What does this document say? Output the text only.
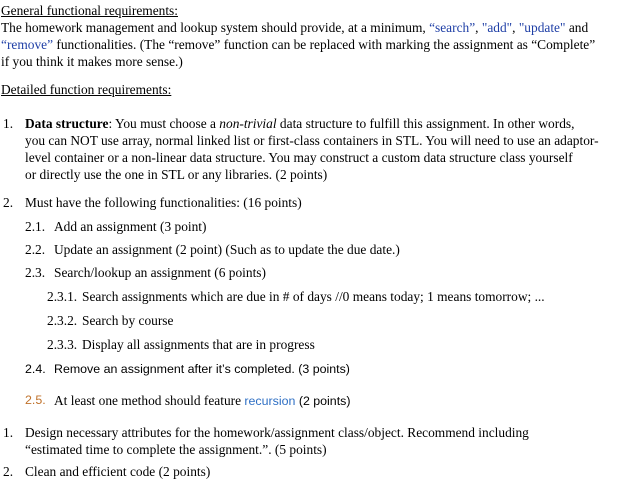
General functional requirements:
The homework management and lookup system should provide, at a minimum, “search”, "add", "update" and
“remove” functionalities. (The “remove” function can be replaced with marking the assignment as “Complete”
if you think it makes more sense.)
Detailed function requirements:
1. Data structure: You must choose a non-trivial data structure to fulfill this assignment. In other words,
you can NOT use array, normal linked list or first-class containers in STL. You will need to use an adaptor-
level container or a non-linear data structure. You may construct a custom data structure class yourself
or directly use the one in STL or any libraries. (2 points)
2. Must have the following functionalities: (16 points)
2.1. Add an assignment (3 point)
2.2. Update an assignment (2 point) (Such as to update the due date.)
2.3. Search/lookup an assignment (6 points)
2.3.1. Search assignments which are due in # of days //0 means today; 1 means tomorrow; ...
2.3.2. Search by course
2.3.3. Display all assignments that are in progress
2.4. Remove an assignment after it’s completed. (3 points)
2.5. At least one method should feature recursion (2 points)
1. Design necessary attributes for the homework/assignment class/object. Recommend including
“estimated time to complete the assignment.”. (5 points)
2. Clean and efficient code (2 points)
